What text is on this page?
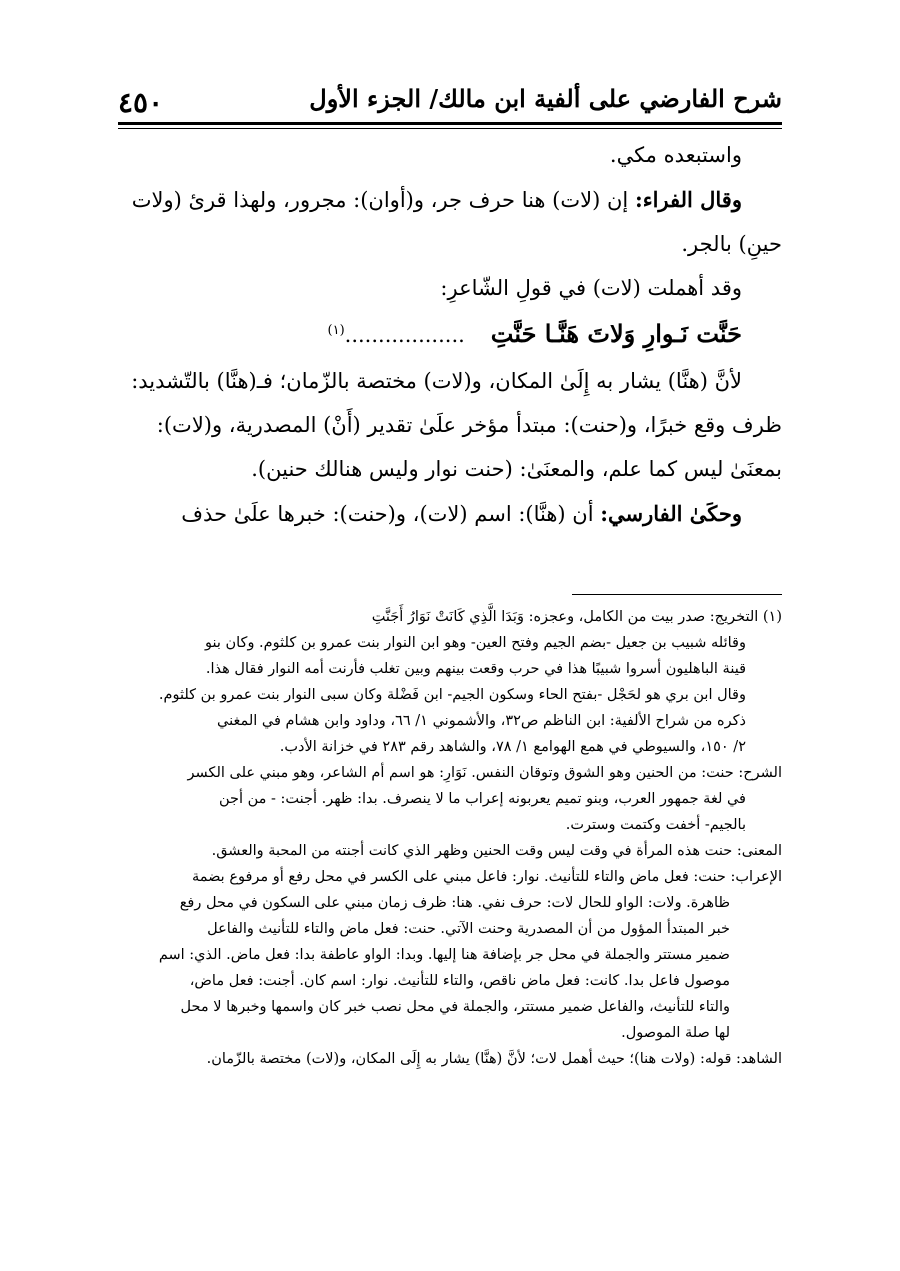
٤٥٠	شرح الفارضي على ألفية ابن مالك/ الجزء الأول

واستبعده مكي.

وقال الفراء: إن (لات) هنا حرف جر، و(أوان): مجرور، ولهذا قرئ (ولات

حينِ) بالجر.

وقد أهملت (لات) في قولِ الشّاعرِ:

حَنَّت نَـوارِ وَلاتَ هَنَّـا حَنَّتِ
..................$^{(١)}$

لأنَّ (هنَّا) يشار به إِلَىٰ المكان، و(لات) مختصة بالزّمان؛ فـ(هنَّا) بالتّشديد:

ظرف وقع خبرًا، و(حنت): مبتدأ مؤخر علَىٰ تقدير (أَنْ) المصدرية، و(لات):

بمعنَىٰ ليس كما علم، والمعنَىٰ: (حنت نوار وليس هنالك حنين).

وحكَىٰ الفارسي: أن (هنَّا): اسم (لات)، و(حنت): خبرها علَىٰ حذف

(١) التخريج: صدر بيت من الكامل، وعجزه: وَبَدَا الَّذِي كَانَتْ نَوَارُ أَجَنَّتِ

وقائله شبيب بن جعيل -بضم الجيم وفتح العين- وهو ابن النوار بنت عمرو بن كلثوم. وكان بنو

قينة الباهليون أسروا شبيبًا هذا في حرب وقعت بينهم وبين تغلب فأرنت أمه النوار فقال هذا.

وقال ابن بري هو لحَجْل -بفتح الحاء وسكون الجيم- ابن فَضْلة وكان سبى النوار بنت عمرو بن كلثوم.

ذكره من شراح الألفية: ابن الناظم ص٣٢، والأشموني ١/ ٦٦، وداود وابن هشام في المغني

٢/ ١٥٠، والسيوطي في همع الهوامع ١/ ٧٨، والشاهد رقم ٢٨٣ في خزانة الأدب.

الشرح: حنت: من الحنين وهو الشوق وتوقان النفس. نَوَارِ: هو اسم أم الشاعر، وهو مبني على الكسر

في لغة جمهور العرب، وبنو تميم يعربونه إعراب ما لا ينصرف. بدا: ظهر. أجنت: - من أجن

بالجيم- أخفت وكتمت وسترت.

المعنى: حنت هذه المرأة في وقت ليس وقت الحنين وظهر الذي كانت أجنته من المحبة والعشق.

الإعراب: حنت: فعل ماض والتاء للتأنيث. نوار: فاعل مبني على الكسر في محل رفع أو مرفوع بضمة

ظاهرة. ولات: الواو للحال لات: حرف نفي. هنا: ظرف زمان مبني على السكون في محل رفع

خبر المبتدأ المؤول من أن المصدرية وحنت الآتي. حنت: فعل ماض والتاء للتأنيث والفاعل

ضمير مستتر والجملة في محل جر بإضافة هنا إليها. وبدا: الواو عاطفة بدا: فعل ماض. الذي: اسم

موصول فاعل بدا. كانت: فعل ماض ناقص، والتاء للتأنيث. نوار: اسم كان. أجنت: فعل ماض،

والتاء للتأنيث، والفاعل ضمير مستتر، والجملة في محل نصب خبر كان واسمها وخبرها لا محل

لها صلة الموصول.

الشاهد: قوله: (ولات هنا)؛ حيث أهمل لات؛ لأنَّ (هنَّا) يشار به إِلَى المكان، و(لات) مختصة بالزّمان.
